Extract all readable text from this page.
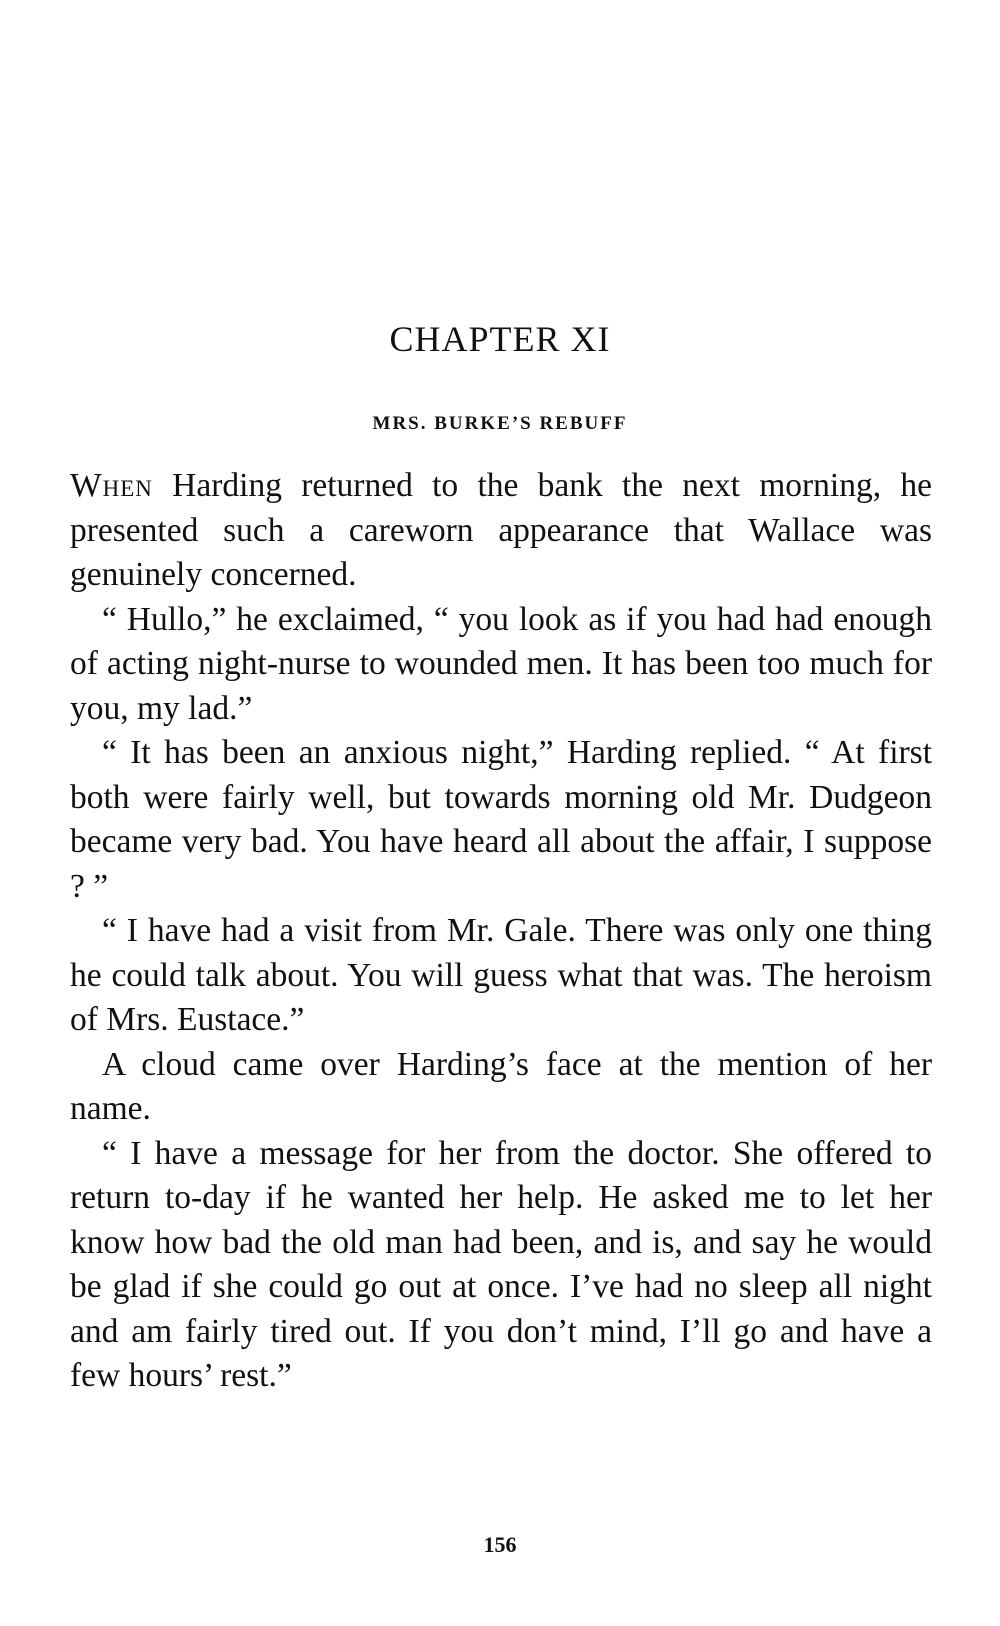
CHAPTER XI
MRS. BURKE’S REBUFF

When Harding returned to the bank the next morning, he presented such a careworn appearance that Wallace was genuinely concerned.

“ Hullo,” he exclaimed, “ you look as if you had had enough of acting night-nurse to wounded men. It has been too much for you, my lad.”

“ It has been an anxious night,” Harding replied. “ At first both were fairly well, but towards morning old Mr. Dudgeon became very bad. You have heard all about the affair, I suppose ? ”

“ I have had a visit from Mr. Gale. There was only one thing he could talk about. You will guess what that was. The heroism of Mrs. Eustace.”

A cloud came over Harding’s face at the mention of her name.

“ I have a message for her from the doctor. She offered to return to-day if he wanted her help. He asked me to let her know how bad the old man had been, and is, and say he would be glad if she could go out at once. I’ve had no sleep all night and am fairly tired out. If you don’t mind, I’ll go and have a few hours’ rest.”

156
